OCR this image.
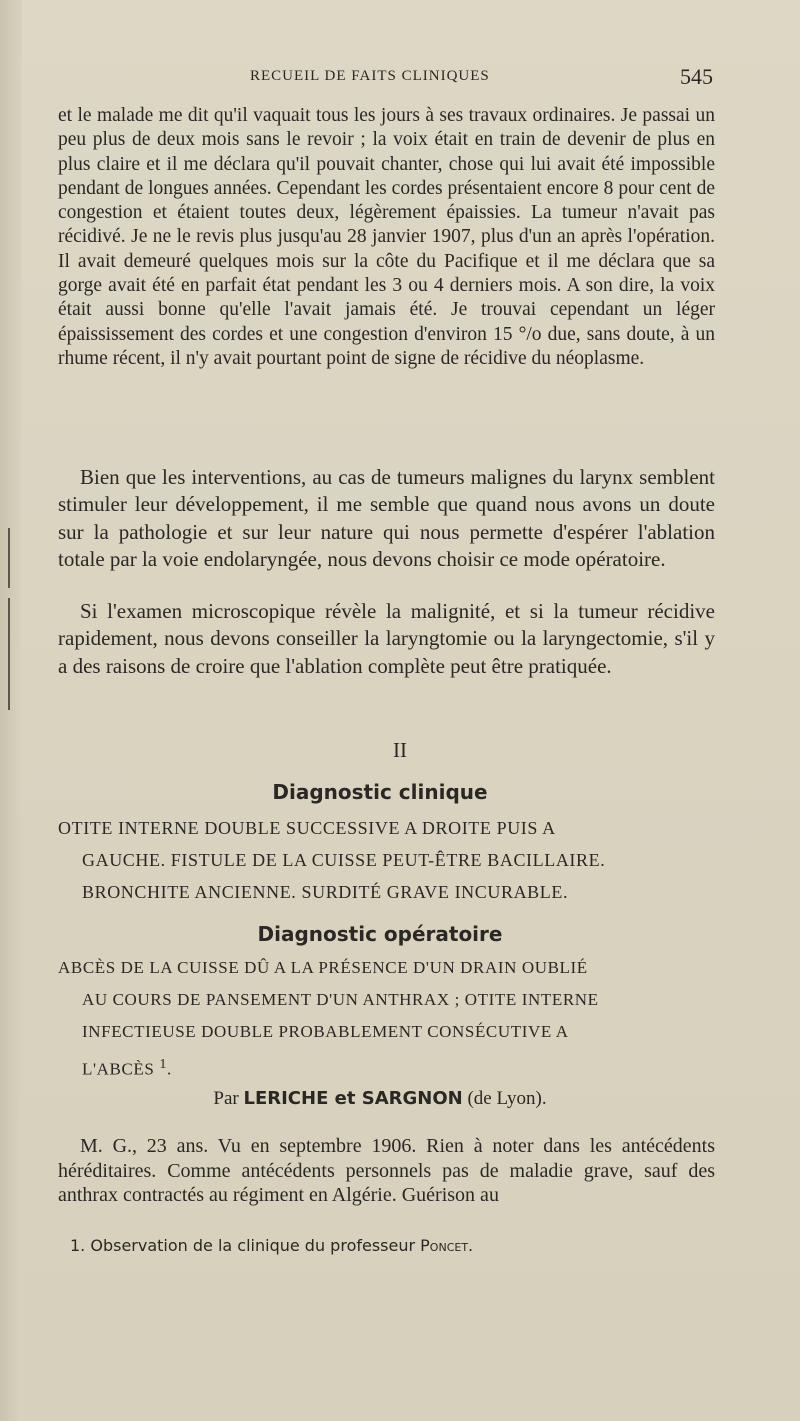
RECUEIL DE FAITS CLINIQUES	545

et le malade me dit qu'il vaquait tous les jours à ses travaux ordinaires. Je passai un peu plus de deux mois sans le revoir ; la voix était en train de devenir de plus en plus claire et il me déclara qu'il pouvait chanter, chose qui lui avait été impossible pendant de longues années. Cependant les cordes présentaient encore 8 pour cent de congestion et étaient toutes deux, légèrement épaissies. La tumeur n'avait pas récidivé. Je ne le revis plus jusqu'au 28 janvier 1907, plus d'un an après l'opération. Il avait demeuré quelques mois sur la côte du Pacifique et il me déclara que sa gorge avait été en parfait état pendant les 3 ou 4 derniers mois. A son dire, la voix était aussi bonne qu'elle l'avait jamais été. Je trouvai cependant un léger épaississement des cordes et une congestion d'environ 15 °/o due, sans doute, à un rhume récent, il n'y avait pourtant point de signe de récidive du néoplasme.

Bien que les interventions, au cas de tumeurs malignes du larynx semblent stimuler leur développement, il me semble que quand nous avons un doute sur la pathologie et sur leur nature qui nous permette d'espérer l'ablation totale par la voie endolaryngée, nous devons choisir ce mode opératoire.

Si l'examen microscopique révèle la malignité, et si la tumeur récidive rapidement, nous devons conseiller la laryngtomie ou la laryngectomie, s'il y a des raisons de croire que l'ablation complète peut être pratiquée.

II
Diagnostic clinique
OTITE INTERNE DOUBLE SUCCESSIVE A DROITE PUIS A
GAUCHE. FISTULE DE LA CUISSE PEUT-ÊTRE BACILLAIRE.
BRONCHITE ANCIENNE. SURDITÉ GRAVE INCURABLE.
Diagnostic opératoire
ABCÈS DE LA CUISSE DÛ A LA PRÉSENCE D'UN DRAIN OUBLIÉ
AU COURS DE PANSEMENT D'UN ANTHRAX ; OTITE INTERNE
INFECTIEUSE DOUBLE PROBABLEMENT CONSÉCUTIVE A
L'ABCÈS $^1$.
Par LERICHE et SARGNON (de Lyon).

M. G., 23 ans. Vu en septembre 1906. Rien à noter dans les antécédents héréditaires. Comme antécédents personnels pas de maladie grave, sauf des anthrax contractés au régiment en Algérie. Guérison au

1. Observation de la clinique du professeur Poncet.
